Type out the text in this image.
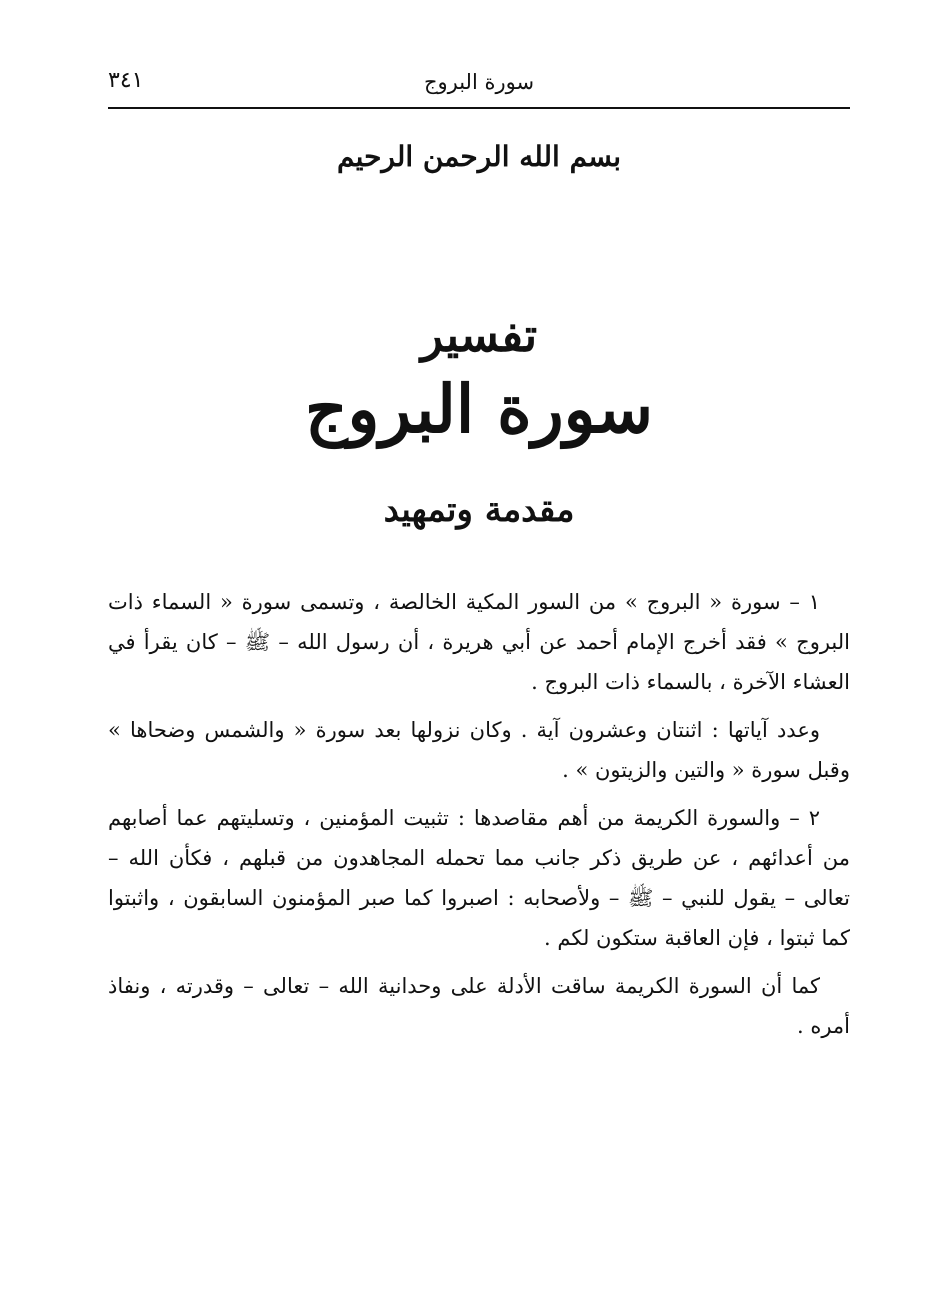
سورة البروج
٣٤١
بسم الله الرحمن الرحيم
تفسير
سورة البروج
مقدمة وتمهيد

١ – سورة « البروج » من السور المكية الخالصة ، وتسمى سورة « السماء ذات البروج » فقد أخرج الإمام أحمد عن أبي هريرة ، أن رسول الله – ﷺ – كان يقرأ في العشاء الآخرة ، بالسماء ذات البروج .

وعدد آياتها : اثنتان وعشرون آية . وكان نزولها بعد سورة « والشمس وضحاها » وقبل سورة « والتين والزيتون » .

٢ – والسورة الكريمة من أهم مقاصدها : تثبيت المؤمنين ، وتسليتهم عما أصابهم من أعدائهم ، عن طريق ذكر جانب مما تحمله المجاهدون من قبلهم ، فكأن الله – تعالى – يقول للنبي – ﷺ – ولأصحابه : اصبروا كما صبر المؤمنون السابقون ، واثبتوا كما ثبتوا ، فإن العاقبة ستكون لكم .

كما أن السورة الكريمة ساقت الأدلة على وحدانية الله – تعالى – وقدرته ، ونفاذ أمره .
